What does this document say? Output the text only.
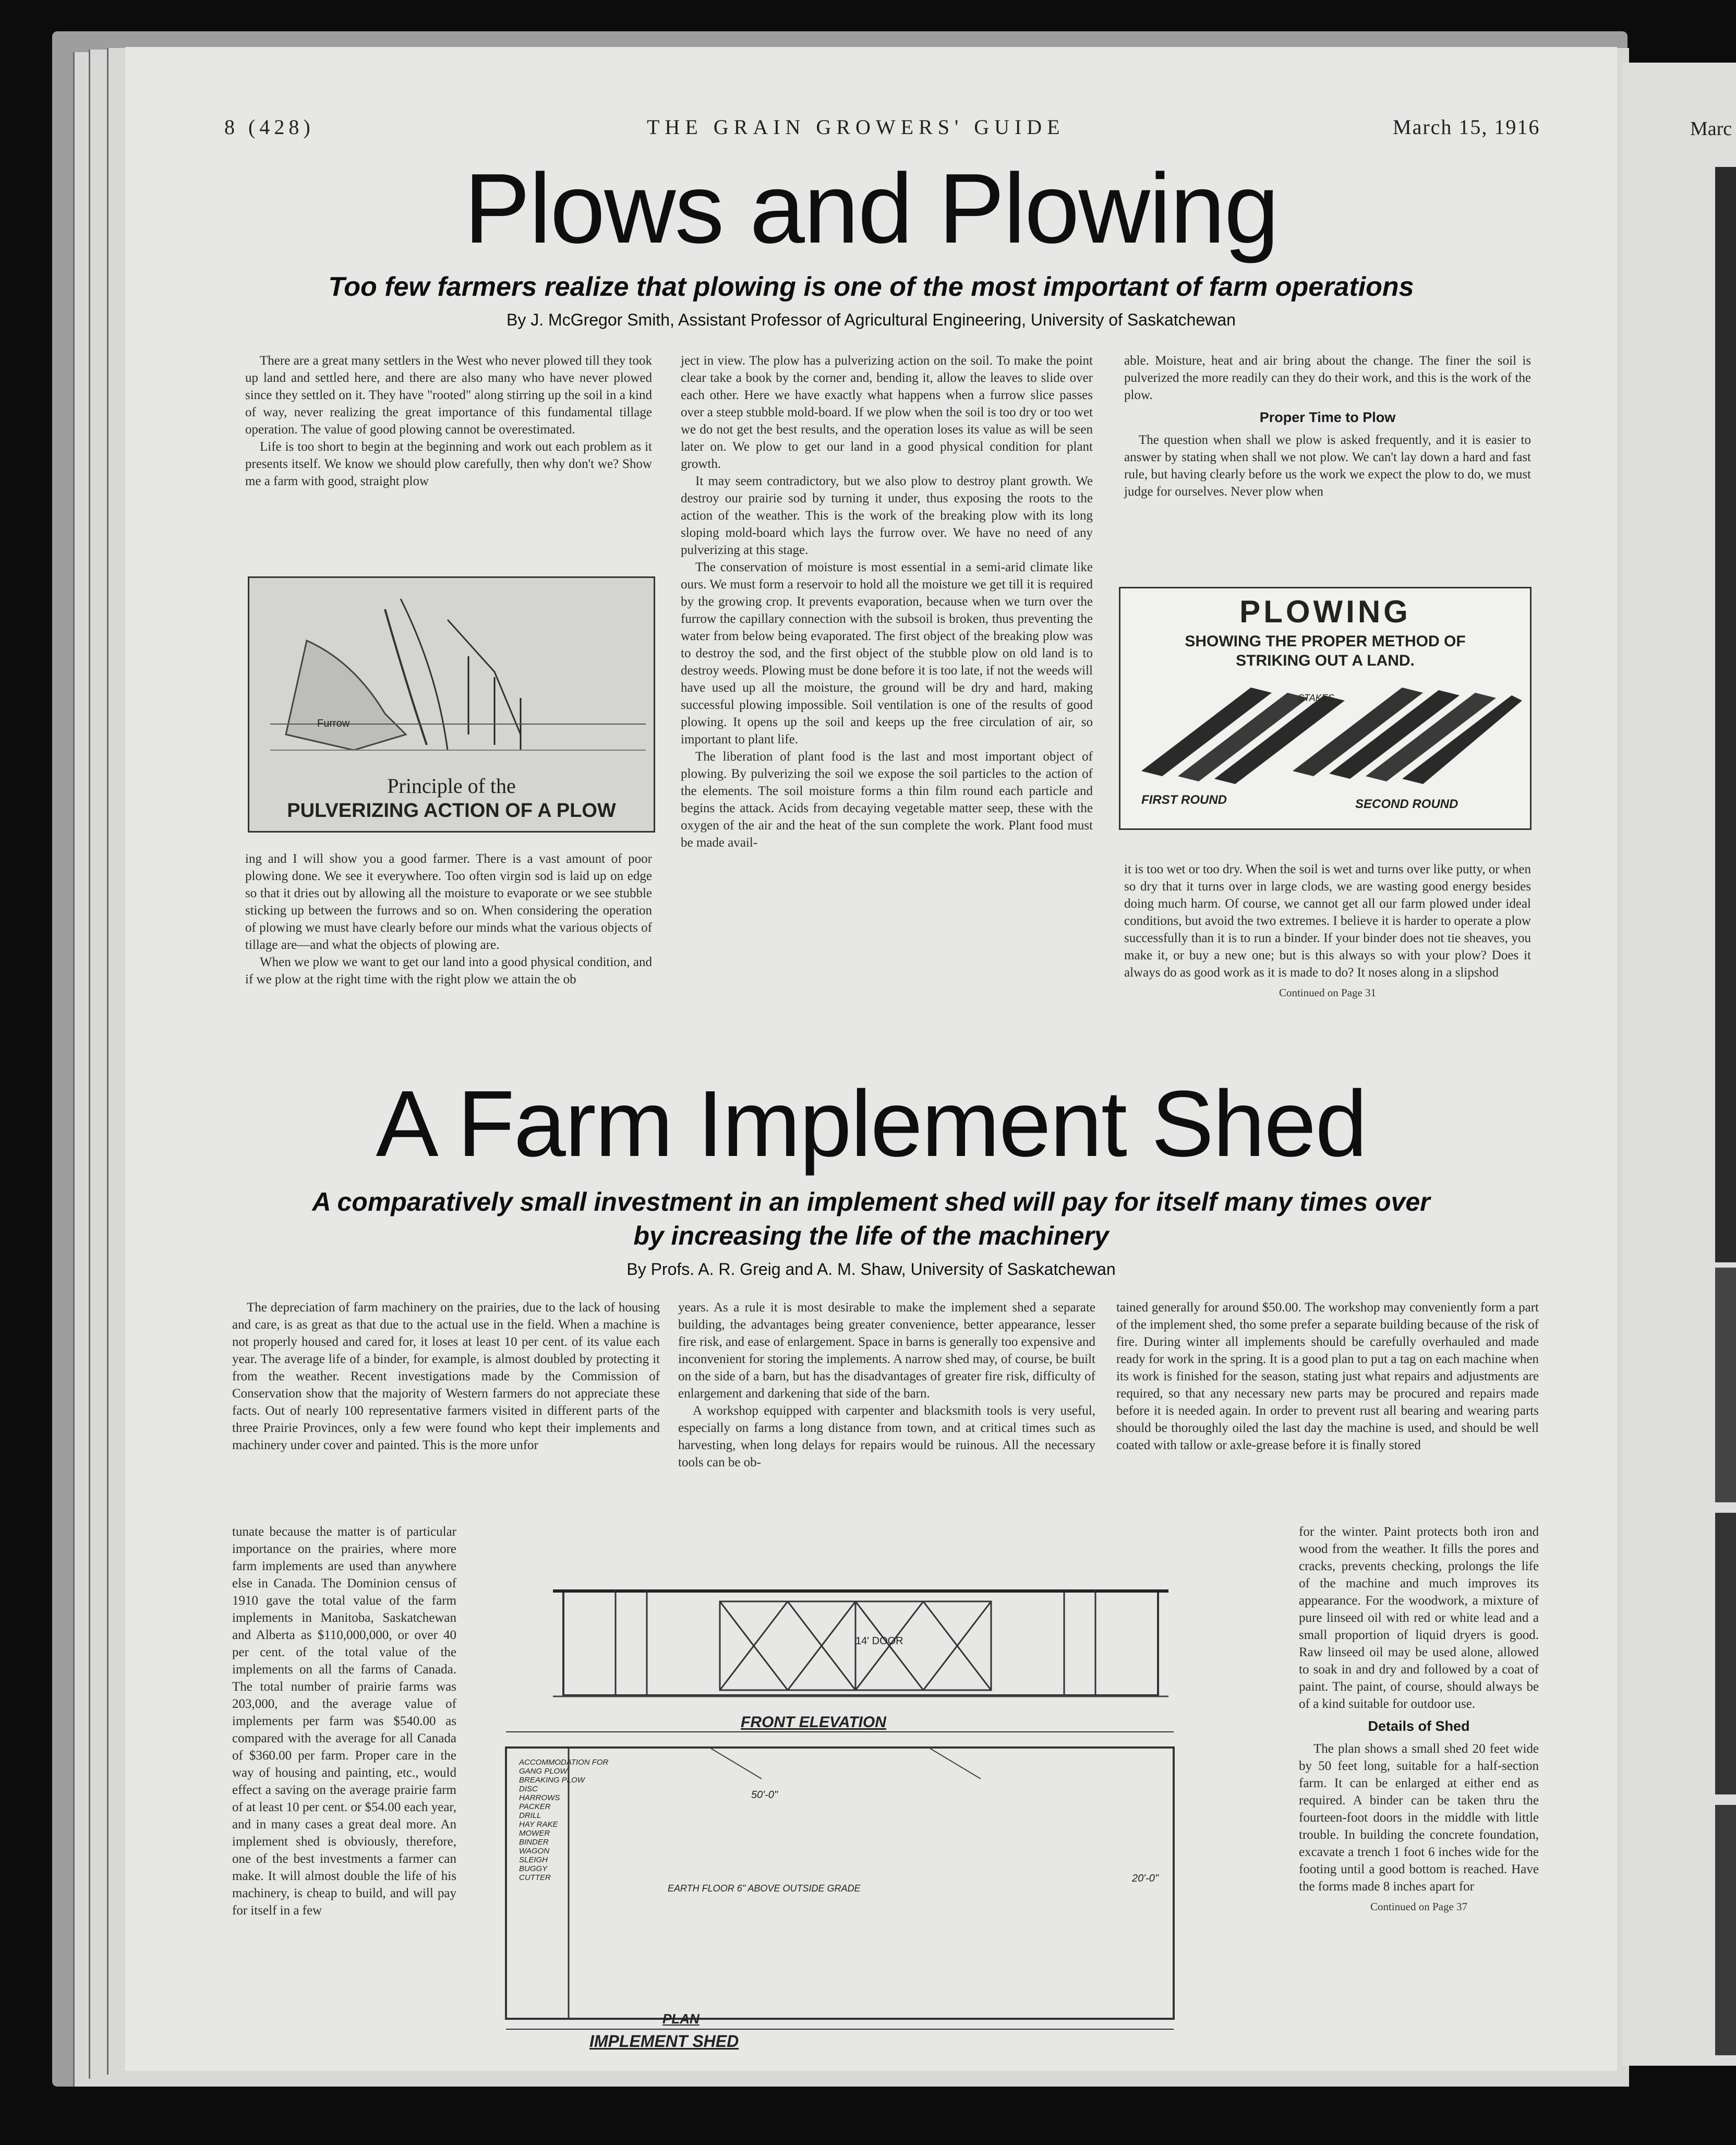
Marc
8 (428)	THE GRAIN GROWERS' GUIDE	March 15, 1916
Plows and Plowing
Too few farmers realize that plowing is one of the most important of farm operations
By J. McGregor Smith, Assistant Professor of Agricultural Engineering, University of Saskatchewan

There are a great many settlers in the West who never plowed till they took up land and settled here, and there are also many who have never plowed since they settled on it. They have "rooted" along stirring up the soil in a kind of way, never realizing the great importance of this fundamental tillage operation. The value of good plowing cannot be overestimated.

Life is too short to begin at the beginning and work out each problem as it presents itself. We know we should plow carefully, then why don't we? Show me a farm with good, straight plow

Furrow
Principle of the
PULVERIZING ACTION OF A PLOW

ing and I will show you a good farmer. There is a vast amount of poor plowing done. We see it everywhere. Too often virgin sod is laid up on edge so that it dries out by allowing all the moisture to evaporate or we see stubble sticking up between the furrows and so on. When considering the operation of plowing we must have clearly before our minds what the various objects of tillage are—and what the objects of plowing are.

When we plow we want to get our land into a good physical condition, and if we plow at the right time with the right plow we attain the ob

ject in view. The plow has a pulverizing action on the soil. To make the point clear take a book by the corner and, bending it, allow the leaves to slide over each other. Here we have exactly what happens when a furrow slice passes over a steep stubble mold-board. If we plow when the soil is too dry or too wet we do not get the best results, and the operation loses its value as will be seen later on. We plow to get our land in a good physical condition for plant growth.

It may seem contradictory, but we also plow to destroy plant growth. We destroy our prairie sod by turning it under, thus exposing the roots to the action of the weather. This is the work of the breaking plow with its long sloping mold-board which lays the furrow over. We have no need of any pulverizing at this stage.

The conservation of moisture is most essential in a semi-arid climate like ours. We must form a reservoir to hold all the moisture we get till it is required by the growing crop. It prevents evaporation, because when we turn over the furrow the capillary connection with the subsoil is broken, thus preventing the water from below being evaporated. The first object of the breaking plow was to destroy the sod, and the first object of the stubble plow on old land is to destroy weeds. Plowing must be done before it is too late, if not the weeds will have used up all the moisture, the ground will be dry and hard, making successful plowing impossible. Soil ventilation is one of the results of good plowing. It opens up the soil and keeps up the free circulation of air, so important to plant life.

The liberation of plant food is the last and most important object of plowing. By pulverizing the soil we expose the soil particles to the action of the elements. The soil moisture forms a thin film round each particle and begins the attack. Acids from decaying vegetable matter seep, these with the oxygen of the air and the heat of the sun complete the work. Plant food must be made avail-

able. Moisture, heat and air bring about the change. The finer the soil is pulverized the more readily can they do their work, and this is the work of the plow.

Proper Time to Plow

The question when shall we plow is asked frequently, and it is easier to answer by stating when shall we not plow. We can't lay down a hard and fast rule, but having clearly before us the work we expect the plow to do, we must judge for ourselves. Never plow when

PLOWING
SHOWING THE PROPER METHOD OF
STRIKING OUT A LAND.
STAKES
FIRST ROUND	SECOND ROUND

it is too wet or too dry. When the soil is wet and turns over like putty, or when so dry that it turns over in large clods, we are wasting good energy besides doing much harm. Of course, we cannot get all our farm plowed under ideal conditions, but avoid the two extremes. I believe it is harder to operate a plow successfully than it is to run a binder. If your binder does not tie sheaves, you make it, or buy a new one; but is this always so with your plow? Does it always do as good work as it is made to do? It noses along in a slipshod

Continued on Page 31
A Farm Implement Shed
A comparatively small investment in an implement shed will pay for itself many times over
by increasing the life of the machinery
By Profs. A. R. Greig and A. M. Shaw, University of Saskatchewan

The depreciation of farm machinery on the prairies, due to the lack of housing and care, is as great as that due to the actual use in the field. When a machine is not properly housed and cared for, it loses at least 10 per cent. of its value each year. The average life of a binder, for example, is almost doubled by protecting it from the weather. Recent investigations made by the Commission of Conservation show that the majority of Western farmers do not appreciate these facts. Out of nearly 100 representative farmers visited in different parts of the three Prairie Provinces, only a few were found who kept their implements and machinery under cover and painted. This is the more unfor

tunate because the matter is of particular importance on the prairies, where more farm implements are used than anywhere else in Canada. The Dominion census of 1910 gave the total value of the farm implements in Manitoba, Saskatchewan and Alberta as $110,000,000, or over 40 per cent. of the total value of the implements on all the farms of Canada. The total number of prairie farms was 203,000, and the average value of implements per farm was $540.00 as compared with the average for all Canada of $360.00 per farm. Proper care in the way of housing and painting, etc., would effect a saving on the average prairie farm of at least 10 per cent. or $54.00 each year, and in many cases a great deal more. An implement shed is obviously, therefore, one of the best investments a farmer can make. It will almost double the life of his machinery, is cheap to build, and will pay for itself in a few

years. As a rule it is most desirable to make the implement shed a separate building, the advantages being greater convenience, better appearance, lesser fire risk, and ease of enlargement. Space in barns is generally too expensive and inconvenient for storing the implements. A narrow shed may, of course, be built on the side of a barn, but has the disadvantages of greater fire risk, difficulty of enlargement and darkening that side of the barn.

A workshop equipped with carpenter and blacksmith tools is very useful, especially on farms a long distance from town, and at critical times such as harvesting, when long delays for repairs would be ruinous. All the necessary tools can be ob-

tained generally for around $50.00. The workshop may conveniently form a part of the implement shed, tho some prefer a separate building because of the risk of fire. During winter all implements should be carefully overhauled and made ready for work in the spring. It is a good plan to put a tag on each machine when its work is finished for the season, stating just what repairs and adjustments are required, so that any necessary new parts may be procured and repairs made before it is needed again. In order to prevent rust all bearing and wearing parts should be thoroughly oiled the last day the machine is used, and should be well coated with tallow or axle-grease before it is finally stored

for the winter. Paint protects both iron and wood from the weather. It fills the pores and cracks, prevents checking, prolongs the life of the machine and much improves its appearance. For the woodwork, a mixture of pure linseed oil with red or white lead and a small proportion of liquid dryers is good. Raw linseed oil may be used alone, allowed to soak in and dry and followed by a coat of paint. The paint, of course, should always be of a kind suitable for outdoor use.

Details of Shed

The plan shows a small shed 20 feet wide by 50 feet long, suitable for a half-section farm. It can be enlarged at either end as required. A binder can be taken thru the fourteen-foot doors in the middle with little trouble. In building the concrete foundation, excavate a trench 1 foot 6 inches wide for the footing until a good bottom is reached. Have the forms made 8 inches apart for

Continued on Page 37
FRONT ELEVATION
14' DOOR
50'-0"
20'-0"
EARTH FLOOR 6" ABOVE OUTSIDE GRADE
ACCOMMODATION FOR
GANG PLOW
BREAKING PLOW
DISC
HARROWS
PACKER
DRILL
HAY RAKE
MOWER
BINDER
WAGON
SLEIGH
BUGGY
CUTTER
PLAN
IMPLEMENT SHED
